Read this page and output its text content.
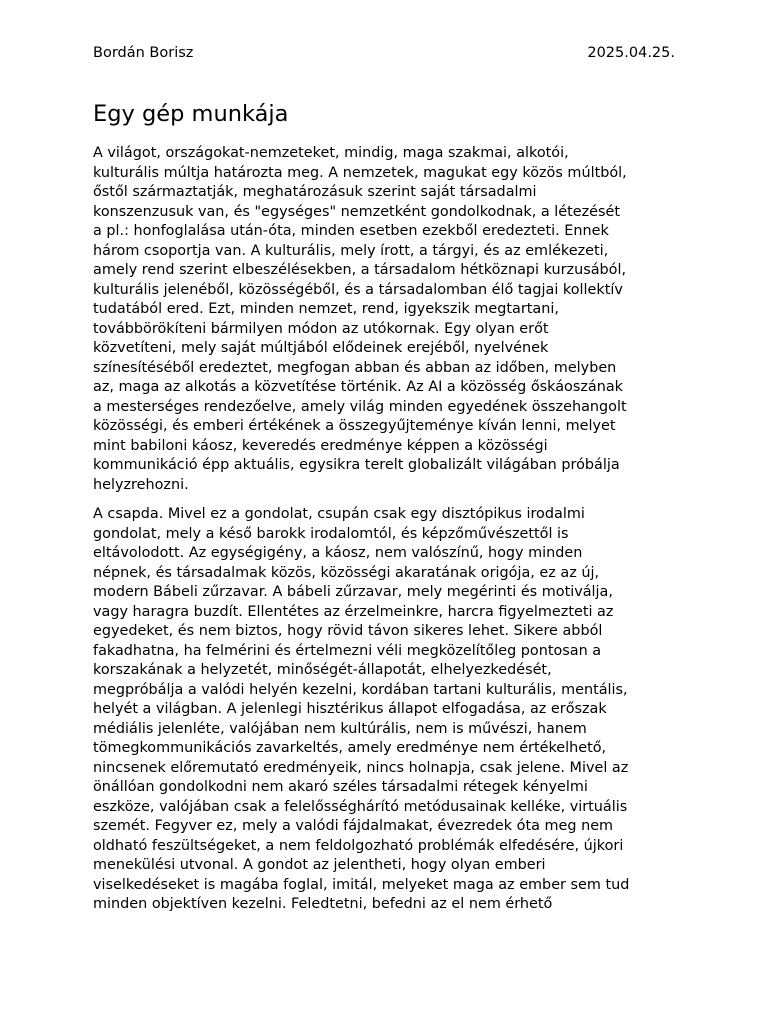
Bordán Borisz	2025.04.25.
Egy gép munkája

A világot, országokat-nemzeteket, mindig, maga szakmai, alkotói,
kulturális múltja határozta meg. A nemzetek, magukat egy közös múltból,
őstől származtatják, meghatározásuk szerint saját társadalmi
konszenzusuk van, és "egységes" nemzetként gondolkodnak, a létezését
a pl.: honfoglalása után-óta, minden esetben ezekből eredezteti. Ennek
három csoportja van. A kulturális, mely írott, a tárgyi, és az emlékezeti,
amely rend szerint elbeszélésekben, a társadalom hétköznapi kurzusából,
kulturális jelenéből, közösségéből, és a társadalomban élő tagjai kollektív
tudatából ered. Ezt, minden nemzet, rend, igyekszik megtartani,
továbbörökíteni bármilyen módon az utókornak. Egy olyan erőt
közvetíteni, mely saját múltjából elődeinek erejéből, nyelvének
színesítéséből eredeztet, megfogan abban és abban az időben, melyben
az, maga az alkotás a közvetítése történik. Az AI a közösség őskáoszának
a mesterséges rendezőelve, amely világ minden egyedének összehangolt
közösségi, és emberi értékének a összegyűjteménye kíván lenni, melyet
mint babiloni káosz, keveredés eredménye képpen a közösségi
kommunikáció épp aktuális, egysikra terelt globalizált világában próbálja
helyzrehozni.

A csapda. Mivel ez a gondolat, csupán csak egy disztópikus irodalmi
gondolat, mely a késő barokk irodalomtól, és képzőművészettől is
eltávolodott. Az egységigény, a káosz, nem valószínű, hogy minden
népnek, és társadalmak közös, közösségi akaratának origója, ez az új,
modern Bábeli zűrzavar. A bábeli zűrzavar, mely megérinti és motiválja,
vagy haragra buzdít. Ellentétes az érzelmeinkre, harcra figyelmezteti az
egyedeket, és nem biztos, hogy rövid távon sikeres lehet. Sikere abból
fakadhatna, ha felmérini és értelmezni véli megközelítőleg pontosan a
korszakának a helyzetét, minőségét-állapotát, elhelyezkedését,
megpróbálja a valódi helyén kezelni, kordában tartani kulturális, mentális,
helyét a világban. A jelenlegi hisztérikus állapot elfogadása, az erőszak
médiális jelenléte, valójában nem kultúrális, nem is művészi, hanem
tömegkommunikációs zavarkeltés, amely eredménye nem értékelhető,
nincsenek előremutató eredményeik, nincs holnapja, csak jelene. Mivel az
önállóan gondolkodni nem akaró széles társadalmi rétegek kényelmi
eszköze, valójában csak a felelősséghárító metódusainak kelléke, virtuális
szemét. Fegyver ez, mely a valódi fájdalmakat, évezredek óta meg nem
oldható feszültségeket, a nem feldolgozható problémák elfedésére, újkori
menekülési utvonal. A gondot az jelentheti, hogy olyan emberi
viselkedéseket is magába foglal, imitál, melyeket maga az ember sem tud
minden objektíven kezelni. Feledtetni, befedni az el nem érhető
